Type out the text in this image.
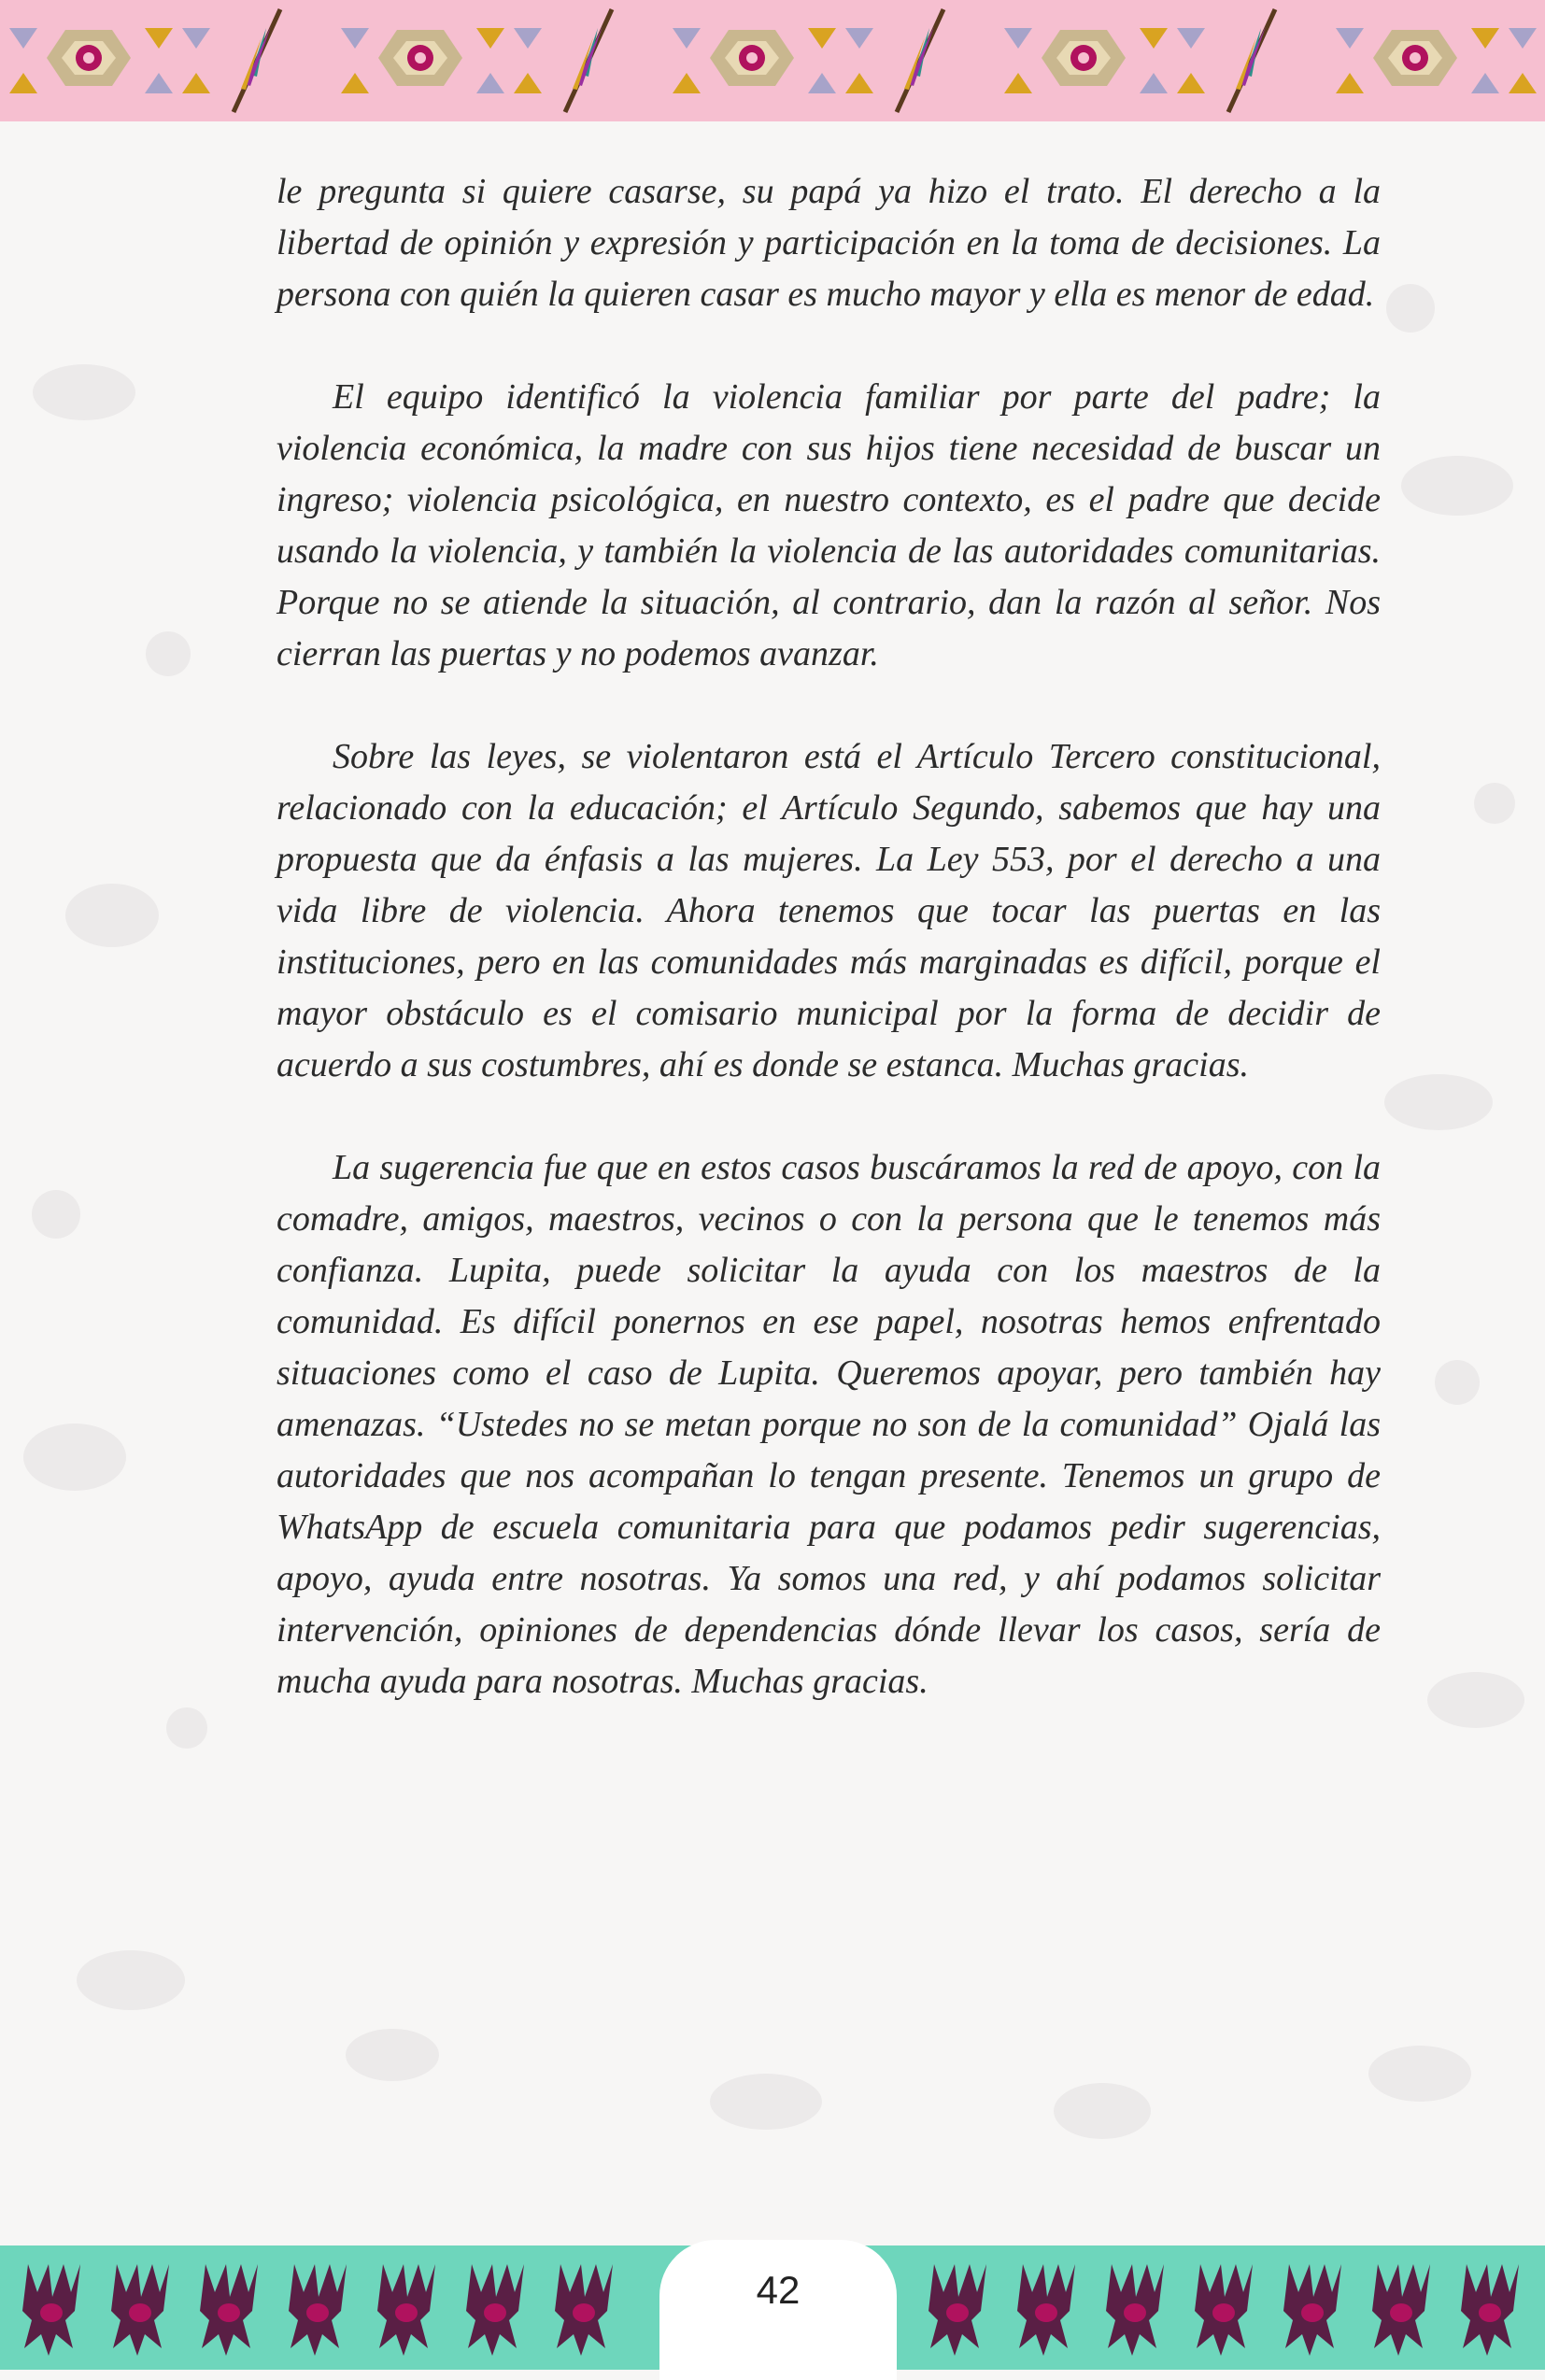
le pregunta si quiere casarse, su papá ya hizo el trato. El derecho a la libertad de opinión y expresión y participación en la toma de decisiones. La persona con quién la quieren casar es mucho mayor y ella es menor de edad.

El equipo identificó la violencia familiar por parte del padre; la violencia económica, la madre con sus hijos tiene necesidad de buscar un ingreso; violencia psicológica, en nuestro contexto, es el padre que decide usando la violencia, y también la violencia de las autoridades comunitarias. Porque no se atiende la situación, al contrario, dan la razón al señor. Nos cierran las puertas y no podemos avanzar.

Sobre las leyes, se violentaron está el Artículo Tercero constitucional, relacionado con la educación; el Artículo Segundo, sabemos que hay una propuesta que da énfasis a las mujeres. La Ley 553, por el derecho a una vida libre de violencia. Ahora tenemos que tocar las puertas en las instituciones, pero en las comunidades más marginadas es difícil, porque el mayor obstáculo es el comisario municipal por la forma de decidir de acuerdo a sus costumbres, ahí es donde se estanca. Muchas gracias.

La sugerencia fue que en estos casos buscáramos la red de apoyo, con la comadre, amigos, maestros, vecinos o con la persona que le tenemos más confianza. Lupita, puede solicitar la ayuda con los maestros de la comunidad. Es difícil ponernos en ese papel, nosotras hemos enfrentado situaciones como el caso de Lupita. Queremos apoyar, pero también hay amenazas. “Ustedes no se metan porque no son de la comunidad” Ojalá las autoridades que nos acompañan lo tengan presente. Tenemos un grupo de WhatsApp de escuela comunitaria para que podamos pedir sugerencias, apoyo, ayuda entre nosotras. Ya somos una red, y ahí podamos solicitar intervención, opiniones de dependencias dónde llevar los casos, sería de mucha ayuda para nosotras. Muchas gracias.

42
